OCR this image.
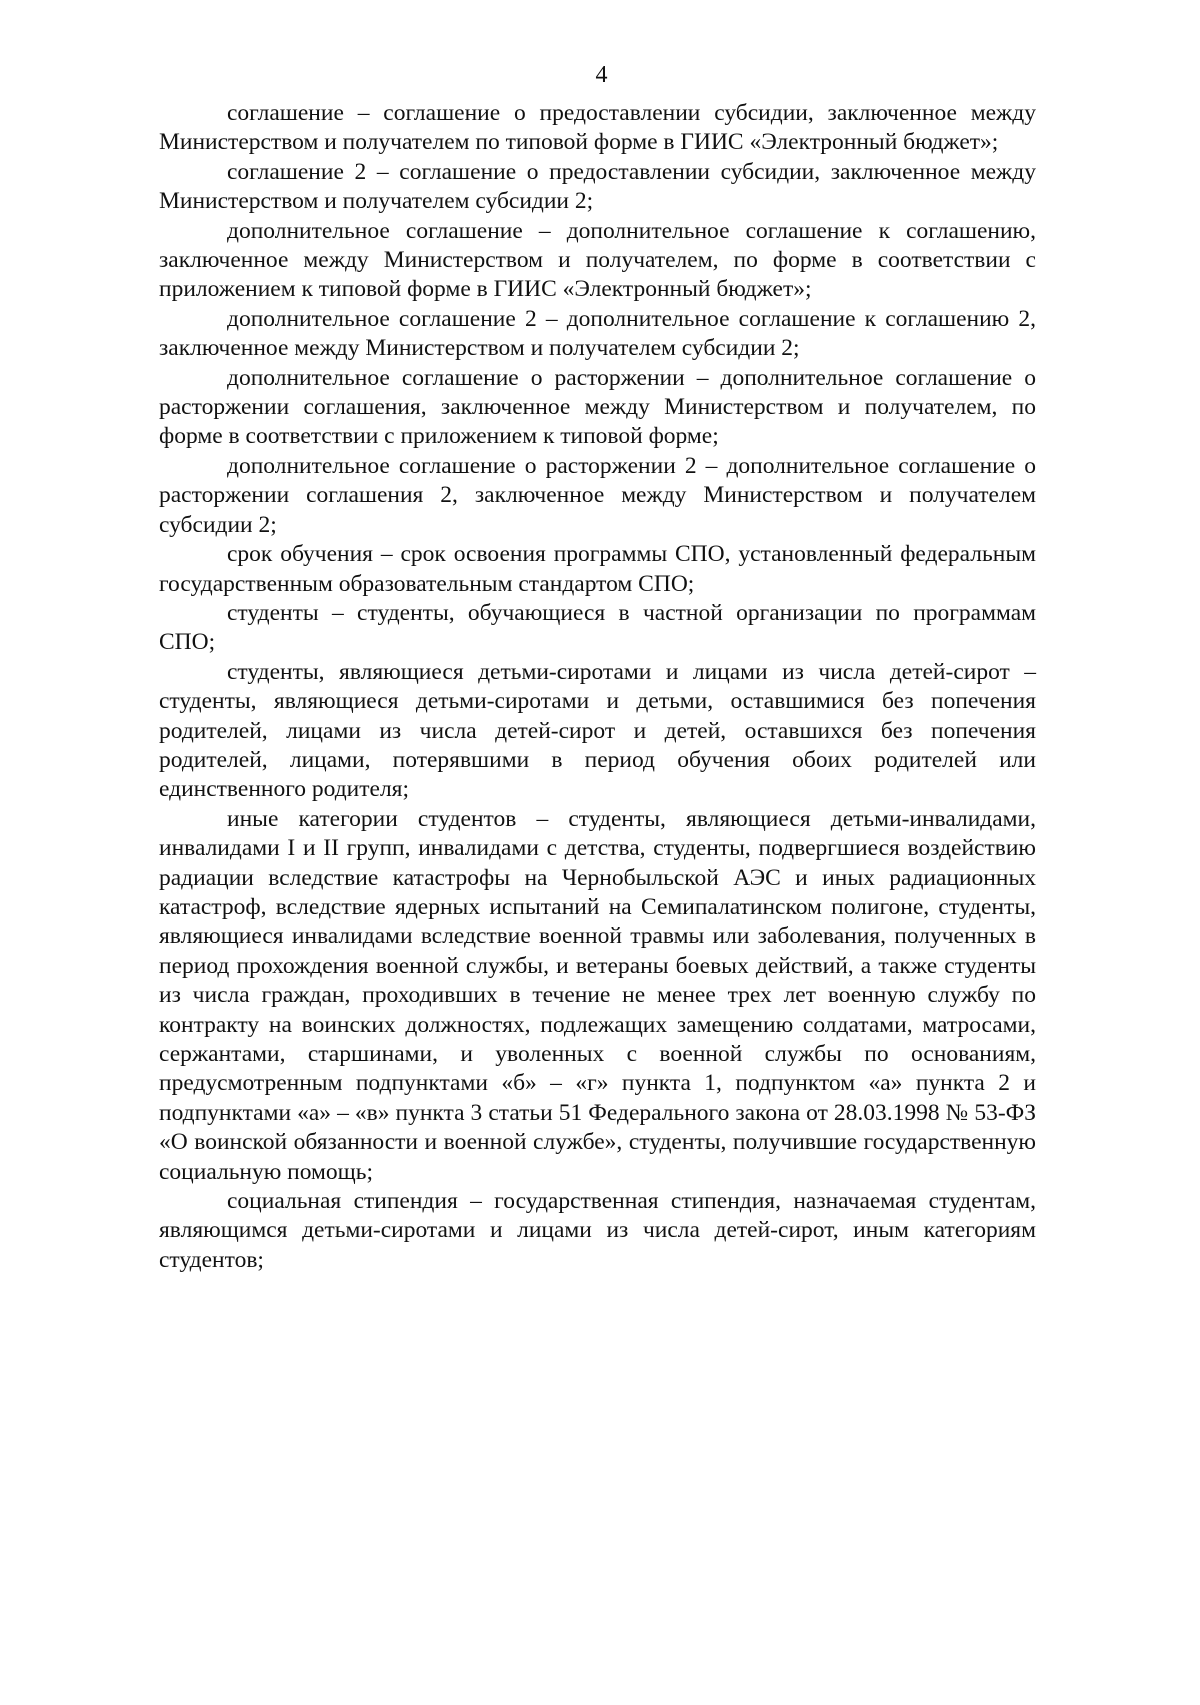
4

соглашение – соглашение о предоставлении субсидии, заключенное между Министерством и получателем по типовой форме в ГИИС «Электронный бюджет»;

соглашение 2 – соглашение о предоставлении субсидии, заключенное между Министерством и получателем субсидии 2;

дополнительное соглашение – дополнительное соглашение к соглашению, заключенное между Министерством и получателем, по форме в соответствии с приложением к типовой форме в ГИИС «Электронный бюджет»;

дополнительное соглашение 2 – дополнительное соглашение к соглашению 2, заключенное между Министерством и получателем субсидии 2;

дополнительное соглашение о расторжении – дополнительное соглашение о расторжении соглашения, заключенное между Министерством и получателем, по форме в соответствии с приложением к типовой форме;

дополнительное соглашение о расторжении 2 – дополнительное соглашение о расторжении соглашения 2, заключенное между Министерством и получателем субсидии 2;

срок обучения – срок освоения программы СПО, установленный федеральным государственным образовательным стандартом СПО;

студенты – студенты, обучающиеся в частной организации по программам СПО;

студенты, являющиеся детьми-сиротами и лицами из числа детей-сирот – студенты, являющиеся детьми-сиротами и детьми, оставшимися без попечения родителей, лицами из числа детей-сирот и детей, оставшихся без попечения родителей, лицами, потерявшими в период обучения обоих родителей или единственного родителя;

иные категории студентов – студенты, являющиеся детьми-инвалидами, инвалидами I и II групп, инвалидами с детства, студенты, подвергшиеся воздействию радиации вследствие катастрофы на Чернобыльской АЭС и иных радиационных катастроф, вследствие ядерных испытаний на Семипалатинском полигоне, студенты, являющиеся инвалидами вследствие военной травмы или заболевания, полученных в период прохождения военной службы, и ветераны боевых действий, а также студенты из числа граждан, проходивших в течение не менее трех лет военную службу по контракту на воинских должностях, подлежащих замещению солдатами, матросами, сержантами, старшинами, и уволенных с военной службы по основаниям, предусмотренным подпунктами «б» – «г» пункта 1, подпунктом «а» пункта 2 и подпунктами «а» – «в» пункта 3 статьи 51 Федерального закона от 28.03.1998 № 53-ФЗ «О воинской обязанности и военной службе», студенты, получившие государственную социальную помощь;

социальная стипендия – государственная стипендия, назначаемая студентам, являющимся детьми-сиротами и лицами из числа детей-сирот, иным категориям студентов;
